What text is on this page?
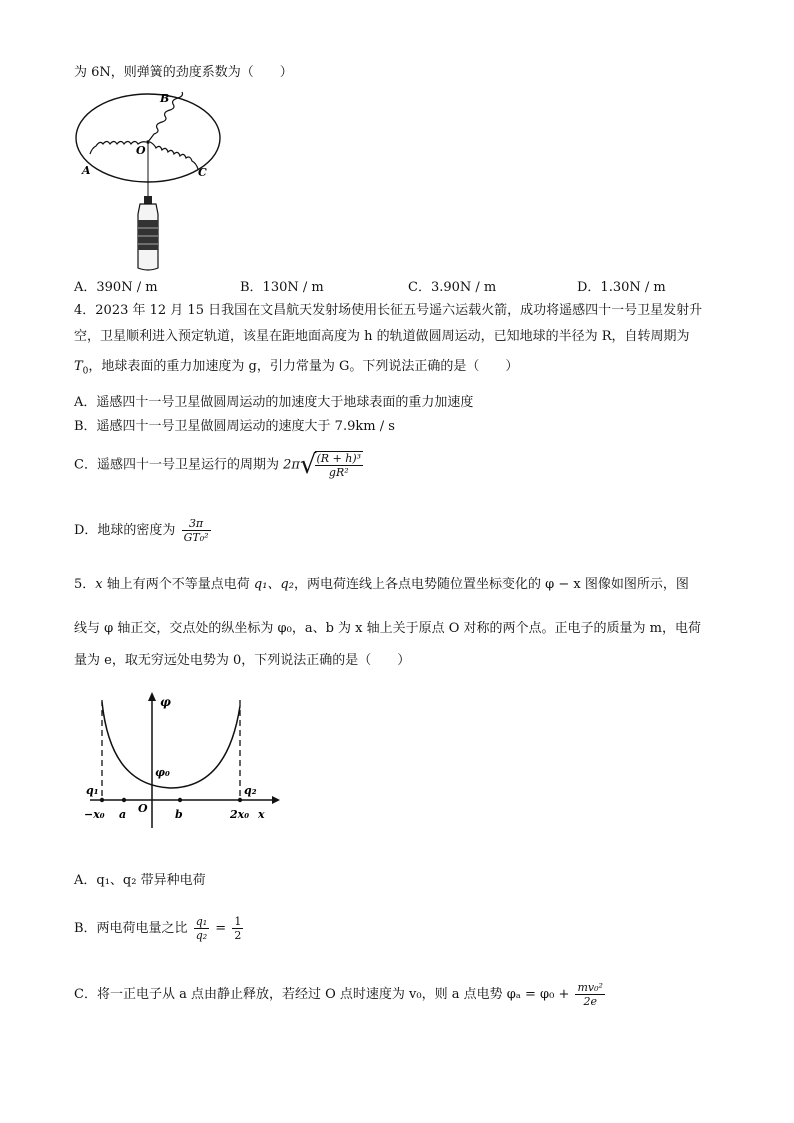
为 6N，则弹簧的劲度系数为（　　）
B
O
A	C
A．390N / m	B．130N / m	C．3.90N / m	D．1.30N / m
4．2023 年 12 月 15 日我国在文昌航天发射场使用长征五号遥六运载火箭，成功将遥感四十一号卫星发射升
空，卫星顺利进入预定轨道，该星在距地面高度为 h 的轨道做圆周运动，已知地球的半径为 R，自转周期为
$T_0$，地球表面的重力加速度为 g，引力常量为 G。下列说法正确的是（　　）
A．遥感四十一号卫星做圆周运动的加速度大于地球表面的重力加速度
B．遥感四十一号卫星做圆周运动的速度大于 7.9km / s
C．遥感四十一号卫星运行的周期为 2π√
$\frac{\text{(R + h)³}}{\text{gR²}}$
D．地球的密度为 $\frac{3\pi}{\text{GT₀²}}$
5．x 轴上有两个不等量点电荷 q₁、q₂，两电荷连线上各点电势随位置坐标变化的 φ − x 图像如图所示，图
线与 φ 轴正交，交点处的纵坐标为 φ₀，a、b 为 x 轴上关于原点 O 对称的两个点。正电子的质量为 m，电荷
量为 e，取无穷远处电势为 0，下列说法正确的是（　　）
φ
φ₀
q₁	q₂
−x₀ a O b	2x₀ x
A．q₁、q₂ 带异种电荷
B．两电荷电量之比 $\frac{\text{q₁}}{\text{q₂}} = \frac{1}{2}$
C．将一正电子从 a 点由静止释放，若经过 O 点时速度为 v₀，则 a 点电势 $\varphi_a = \varphi_0 + \frac{\text{mv₀²}}{2e}$
